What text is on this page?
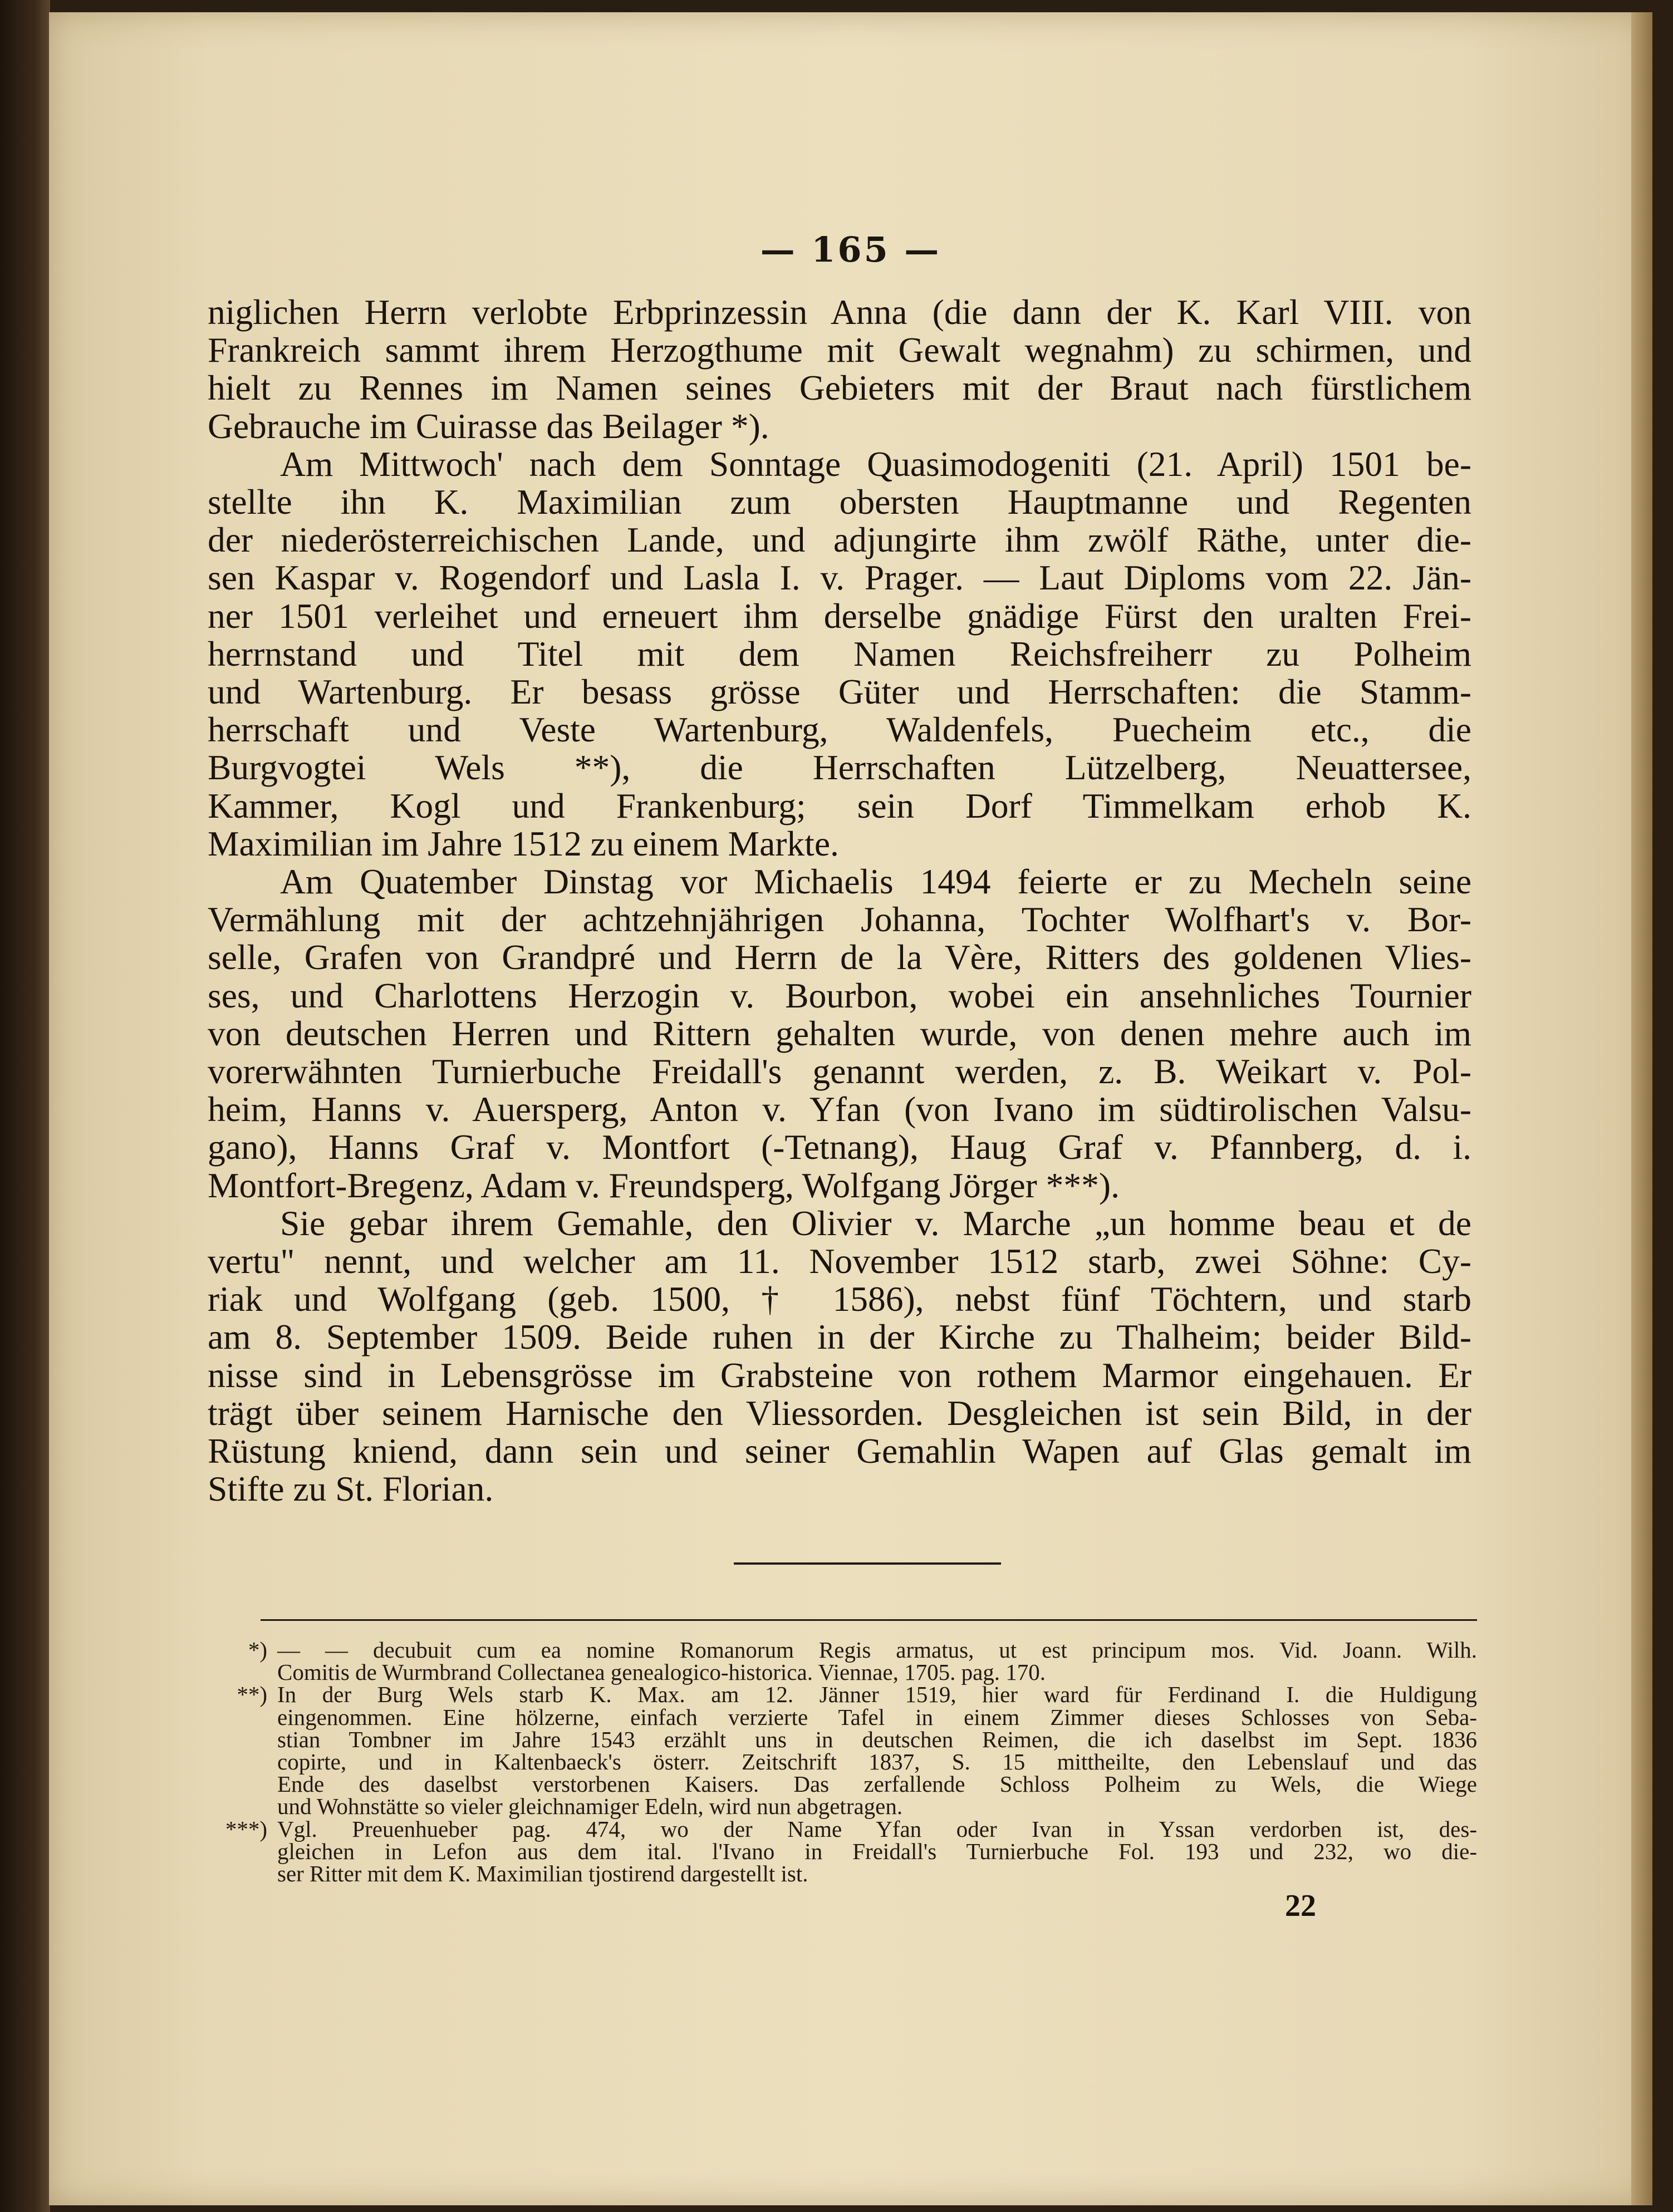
— 165 —
niglichen Herrn verlobte Erbprinzessin Anna (die dann der K. Karl VIII. von
Frankreich sammt ihrem Herzogthume mit Gewalt wegnahm) zu schirmen, und
hielt zu Rennes im Namen seines Gebieters mit der Braut nach fürstlichem
Gebrauche im Cuirasse das Beilager *).
Am Mittwoch' nach dem Sonntage Quasimodogeniti (21. April) 1501 be-
stellte ihn K. Maximilian zum obersten Hauptmanne und Regenten
der niederösterreichischen Lande, und adjungirte ihm zwölf Räthe, unter die-
sen Kaspar v. Rogendorf und Lasla I. v. Prager. — Laut Diploms vom 22. Jän-
ner 1501 verleihet und erneuert ihm derselbe gnädige Fürst den uralten Frei-
herrnstand und Titel mit dem Namen Reichsfreiherr zu Polheim
und Wartenburg. Er besass grösse Güter und Herrschaften: die Stamm-
herrschaft und Veste Wartenburg, Waldenfels, Puecheim etc., die
Burgvogtei Wels **), die Herrschaften Lützelberg, Neuattersee,
Kammer, Kogl und Frankenburg; sein Dorf Timmelkam erhob K.
Maximilian im Jahre 1512 zu einem Markte.
Am Quatember Dinstag vor Michaelis 1494 feierte er zu Mecheln seine
Vermählung mit der achtzehnjährigen Johanna, Tochter Wolfhart's v. Bor-
selle, Grafen von Grandpré und Herrn de la Vère, Ritters des goldenen Vlies-
ses, und Charlottens Herzogin v. Bourbon, wobei ein ansehnliches Tournier
von deutschen Herren und Rittern gehalten wurde, von denen mehre auch im
vorerwähnten Turnierbuche Freidall's genannt werden, z. B. Weikart v. Pol-
heim, Hanns v. Auersperg, Anton v. Yfan (von Ivano im südtirolischen Valsu-
gano), Hanns Graf v. Montfort (-Tetnang), Haug Graf v. Pfannberg, d. i.
Montfort-Bregenz, Adam v. Freundsperg, Wolfgang Jörger ***).
Sie gebar ihrem Gemahle, den Olivier v. Marche „un homme beau et de
vertu" nennt, und welcher am 11. November 1512 starb, zwei Söhne: Cy-
riak und Wolfgang (geb. 1500, † 1586), nebst fünf Töchtern, und starb
am 8. September 1509. Beide ruhen in der Kirche zu Thalheim; beider Bild-
nisse sind in Lebensgrösse im Grabsteine von rothem Marmor eingehauen. Er
trägt über seinem Harnische den Vliessorden. Desgleichen ist sein Bild, in der
Rüstung kniend, dann sein und seiner Gemahlin Wapen auf Glas gemalt im
Stifte zu St. Florian.
*) — — decubuit cum ea nomine Romanorum Regis armatus, ut est principum mos. Vid. Joann. Wilh.
Comitis de Wurmbrand Collectanea genealogico-historica. Viennae, 1705. pag. 170.
**) In der Burg Wels starb K. Max. am 12. Jänner 1519, hier ward für Ferdinand I. die Huldigung
eingenommen. Eine hölzerne, einfach verzierte Tafel in einem Zimmer dieses Schlosses von Seba-
stian Tombner im Jahre 1543 erzählt uns in deutschen Reimen, die ich daselbst im Sept. 1836
copirte, und in Kaltenbaeck's österr. Zeitschrift 1837, S. 15 mittheilte, den Lebenslauf und das
Ende des daselbst verstorbenen Kaisers. Das zerfallende Schloss Polheim zu Wels, die Wiege
und Wohnstätte so vieler gleichnamiger Edeln, wird nun abgetragen.
***) Vgl. Preuenhueber pag. 474, wo der Name Yfan oder Ivan in Yssan verdorben ist, des-
gleichen in Lefon aus dem ital. l'Ivano in Freidall's Turnierbuche Fol. 193 und 232, wo die-
ser Ritter mit dem K. Maximilian tjostirend dargestellt ist.
22
